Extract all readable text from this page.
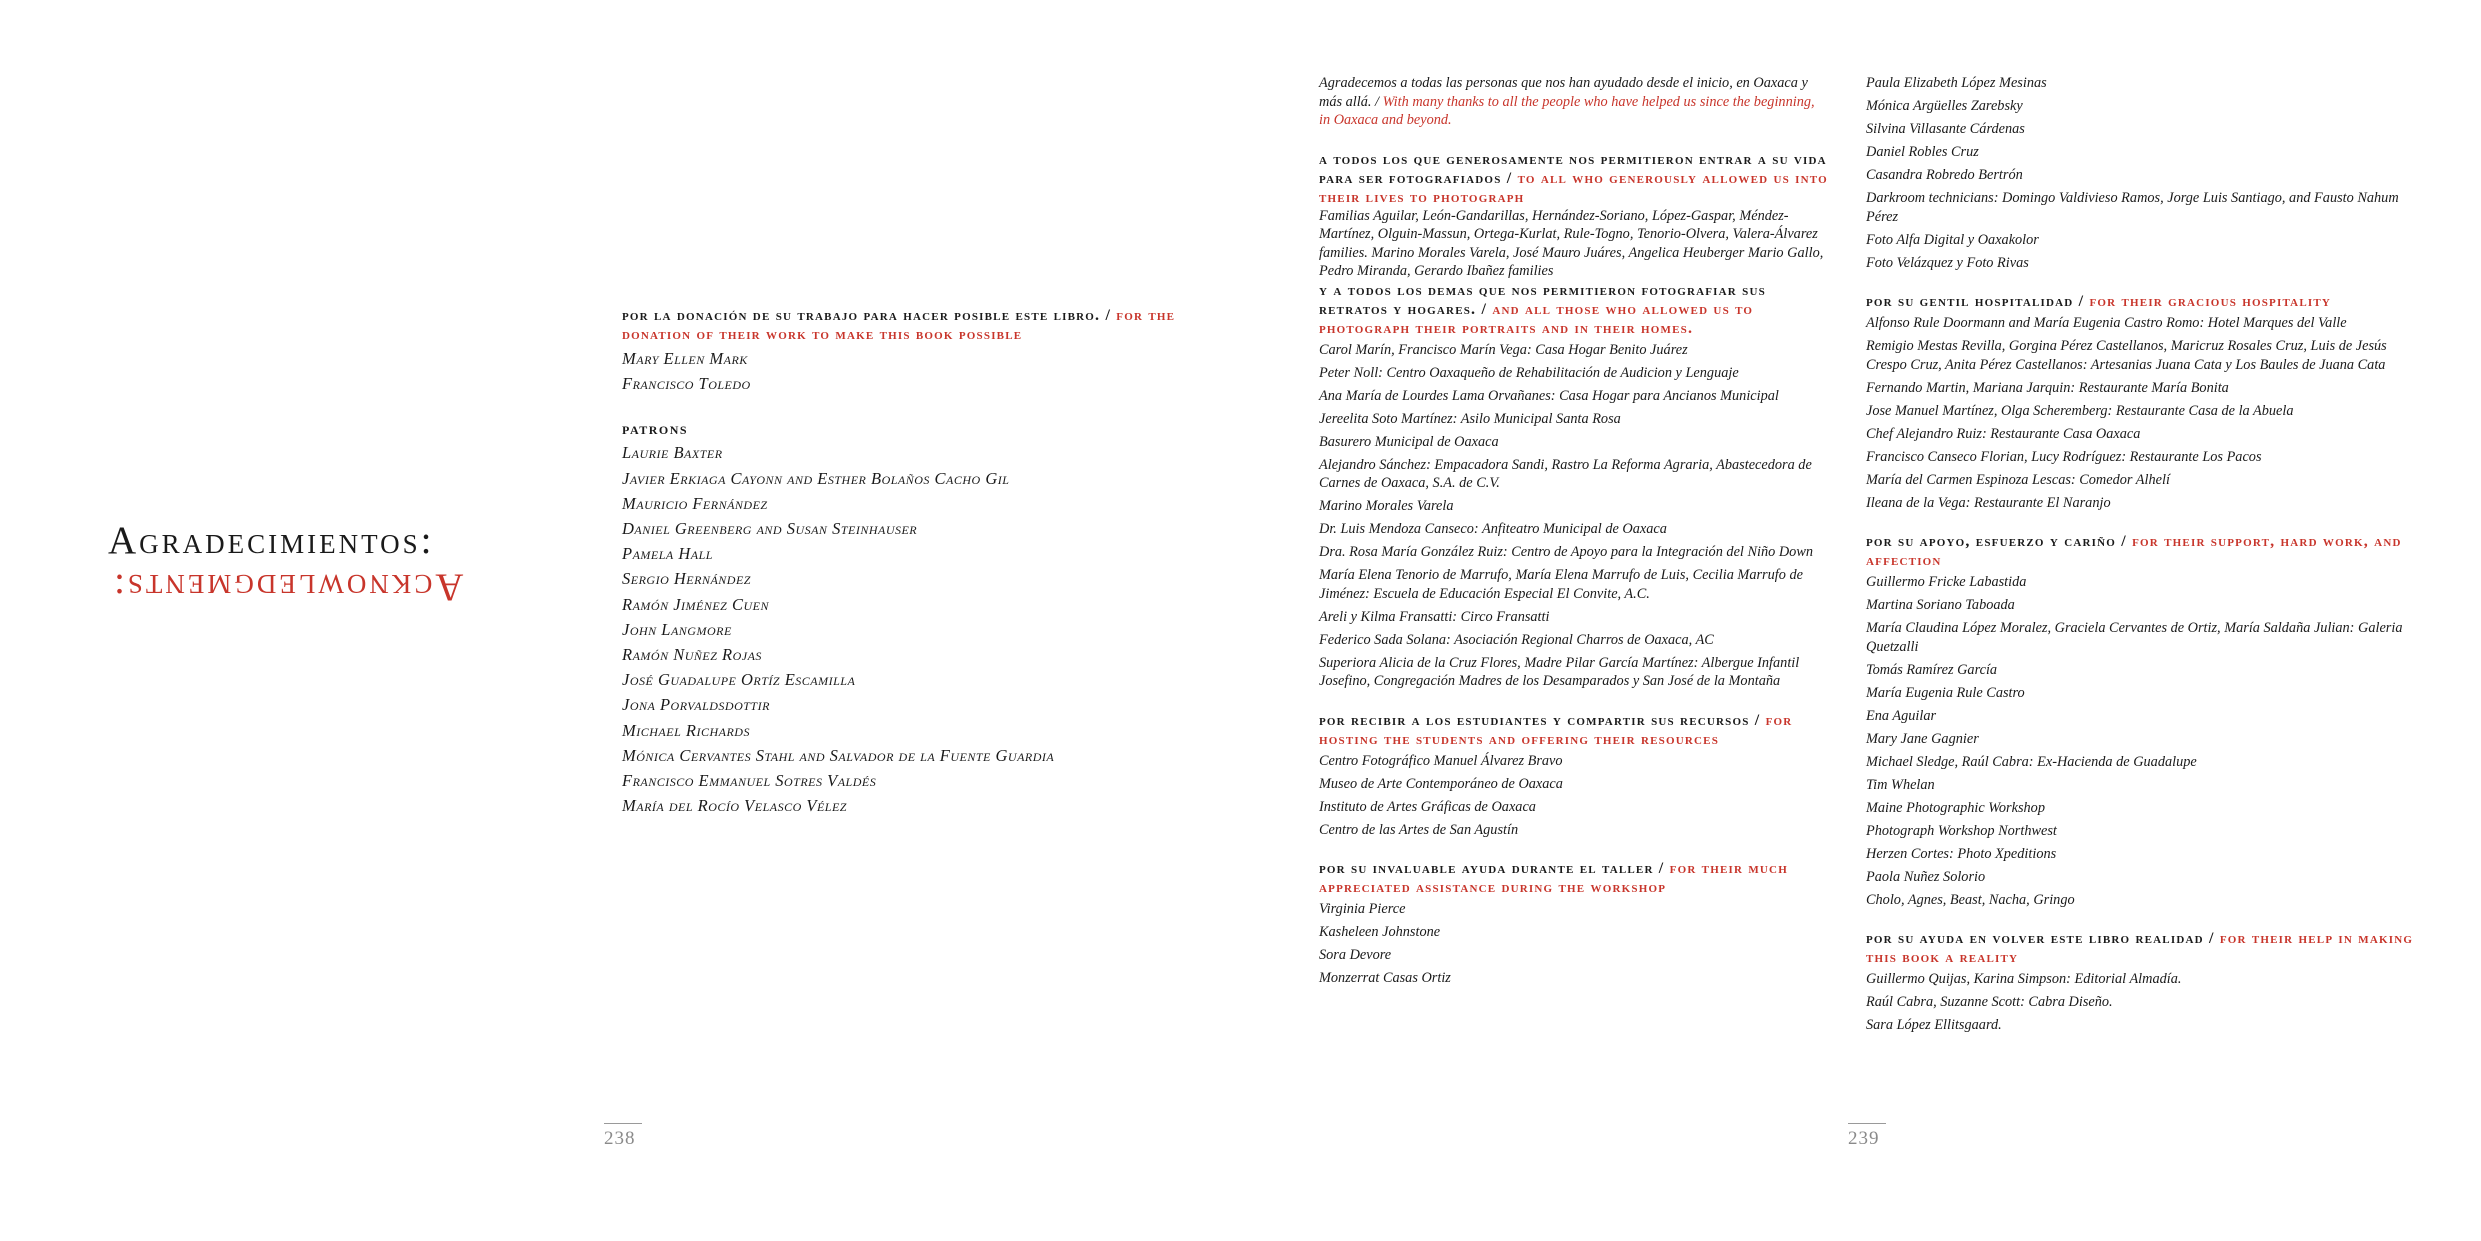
Agradecimientos:
Acknowledgments:
por la donación de su trabajo para hacer posible este libro. / for the donation of their work to make this book possible
Mary Ellen Mark
Francisco Toledo
patrons
Laurie Baxter
Javier Erkiaga Cayonn and Esther Bolaños Cacho Gil
Mauricio Fernández
Daniel Greenberg and Susan Steinhauser
Pamela Hall
Sergio Hernández
Ramón Jiménez Cuen
John Langmore
Ramón Nuñez Rojas
José Guadalupe Ortíz Escamilla
Jona Porvaldsdottir
Michael Richards
Mónica Cervantes Stahl and Salvador de la Fuente Guardia
Francisco Emmanuel Sotres Valdés
María del Rocío Velasco Vélez
238
Agradecemos a todas las personas que nos han ayudado desde el inicio, en Oaxaca y más allá. / With many thanks to all the people who have helped us since the beginning, in Oaxaca and beyond.
a todos los que generosamente nos permitieron entrar a su vida para ser fotografiados / to all who generously allowed us into their lives to photograph
Familias Aguilar, León-Gandarillas, Hernández-Soriano, López-Gaspar, Méndez-Martínez, Olguin-Massun, Ortega-Kurlat, Rule-Togno, Tenorio-Olvera, Valera-Álvarez families. Marino Morales Varela, José Mauro Juáres, Angelica Heuberger Mario Gallo, Pedro Miranda, Gerardo Ibañez families
y a todos los demas que nos permitieron fotografiar sus retratos y hogares. / and all those who allowed us to photograph their portraits and in their homes.
Carol Marín, Francisco Marín Vega: Casa Hogar Benito Juárez
Peter Noll: Centro Oaxaqueño de Rehabilitación de Audicion y Lenguaje
Ana María de Lourdes Lama Orvañanes: Casa Hogar para Ancianos Municipal
Jereelita Soto Martínez: Asilo Municipal Santa Rosa
Basurero Municipal de Oaxaca
Alejandro Sánchez: Empacadora Sandi, Rastro La Reforma Agraria, Abastecedora de Carnes de Oaxaca, S.A. de C.V.
Marino Morales Varela
Dr. Luis Mendoza Canseco: Anfiteatro Municipal de Oaxaca
Dra. Rosa María González Ruiz: Centro de Apoyo para la Integración del Niño Down
María Elena Tenorio de Marrufo, María Elena Marrufo de Luis, Cecilia Marrufo de Jiménez: Escuela de Educación Especial El Convite, A.C.
Areli y Kilma Fransatti: Circo Fransatti
Federico Sada Solana: Asociación Regional Charros de Oaxaca, AC
Superiora Alicia de la Cruz Flores, Madre Pilar García Martínez: Albergue Infantil Josefino, Congregación Madres de los Desamparados y San José de la Montaña
por recibir a los estudiantes y compartir sus recursos / for hosting the students and offering their resources
Centro Fotográfico Manuel Álvarez Bravo
Museo de Arte Contemporáneo de Oaxaca
Instituto de Artes Gráficas de Oaxaca
Centro de las Artes de San Agustín
por su invaluable ayuda durante el taller / for their much appreciated assistance during the workshop
Virginia Pierce
Kasheleen Johnstone
Sora Devore
Monzerrat Casas Ortiz
Paula Elizabeth López Mesinas
Mónica Argüelles Zarebsky
Silvina Villasante Cárdenas
Daniel Robles Cruz
Casandra Robredo Bertrón
Darkroom technicians: Domingo Valdivieso Ramos, Jorge Luis Santiago, and Fausto Nahum Pérez
Foto Alfa Digital y Oaxakolor
Foto Velázquez y Foto Rivas
por su gentil hospitalidad / for their gracious hospitality
Alfonso Rule Doormann and María Eugenia Castro Romo: Hotel Marques del Valle
Remigio Mestas Revilla, Gorgina Pérez Castellanos, Maricruz Rosales Cruz, Luis de Jesús Crespo Cruz, Anita Pérez Castellanos: Artesanias Juana Cata y Los Baules de Juana Cata
Fernando Martin, Mariana Jarquin: Restaurante María Bonita
Jose Manuel Martínez, Olga Scheremberg: Restaurante Casa de la Abuela
Chef Alejandro Ruiz: Restaurante Casa Oaxaca
Francisco Canseco Florian, Lucy Rodríguez: Restaurante Los Pacos
María del Carmen Espinoza Lescas: Comedor Alhelí
Ileana de la Vega: Restaurante El Naranjo
por su apoyo, esfuerzo y cariño / for their support, hard work, and affection
Guillermo Fricke Labastida
Martina Soriano Taboada
María Claudina López Moralez, Graciela Cervantes de Ortiz, María Saldaña Julian: Galeria Quetzalli
Tomás Ramírez García
María Eugenia Rule Castro
Ena Aguilar
Mary Jane Gagnier
Michael Sledge, Raúl Cabra: Ex-Hacienda de Guadalupe
Tim Whelan
Maine Photographic Workshop
Photograph Workshop Northwest
Herzen Cortes: Photo Xpeditions
Paola Nuñez Solorio
Cholo, Agnes, Beast, Nacha, Gringo
por su ayuda en volver este libro realidad / for their help in making this book a reality
Guillermo Quijas, Karina Simpson: Editorial Almadía.
Raúl Cabra, Suzanne Scott: Cabra Diseño.
Sara López Ellitsgaard.
239
